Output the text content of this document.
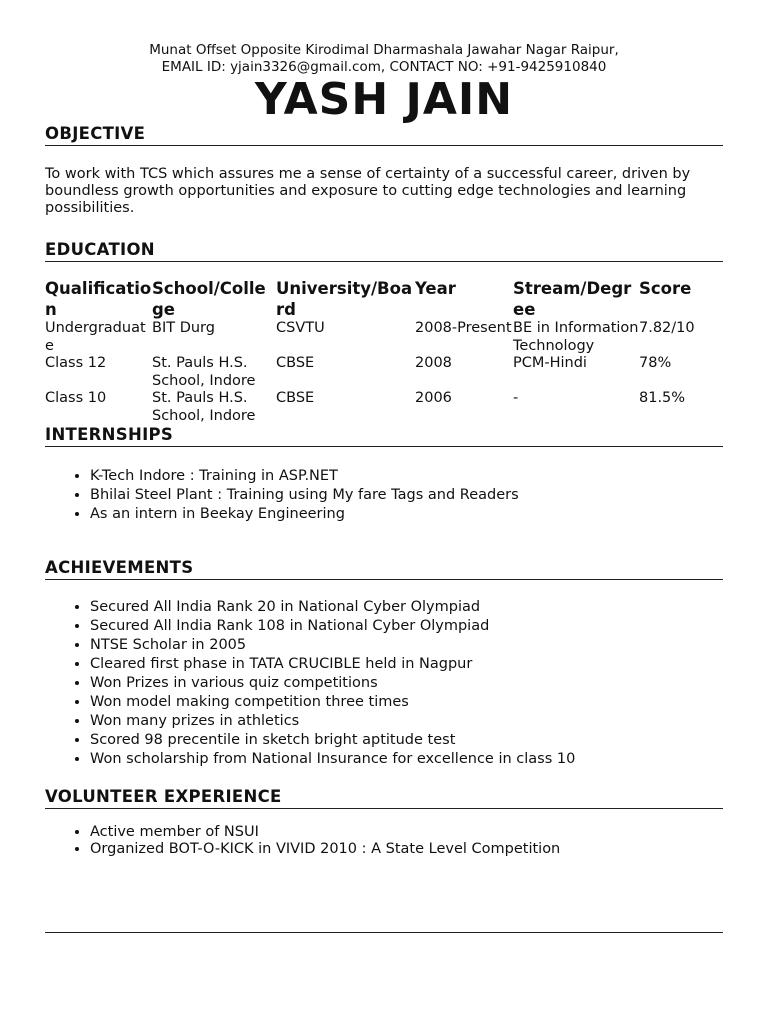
Munat Offset Opposite Kirodimal Dharmashala Jawahar Nagar Raipur,
EMAIL ID: yjain3326@gmail.com, CONTACT NO: +91-9425910840
YASH JAIN
OBJECTIVE
To work with TCS which assures me a sense of certainty of a successful career, driven by boundless growth opportunities and exposure to cutting edge technologies and learning possibilities.
EDUCATION
Qualification	School/College	University/Board	Year	Stream/Degree	Score
Undergraduate	BIT Durg	CSVTU	2008-Present	BE in Information Technology	7.82/10
Class 12	St. Pauls H.S. School, Indore	CBSE	2008	PCM-Hindi	78%
Class 10	St. Pauls H.S. School, Indore	CBSE	2006	-	81.5%
INTERNSHIPS
• K-Tech Indore : Training in ASP.NET
• Bhilai Steel Plant : Training using My fare Tags and Readers
• As an intern in Beekay Engineering
ACHIEVEMENTS
• Secured All India Rank 20 in National Cyber Olympiad
• Secured All India Rank 108 in National Cyber Olympiad
• NTSE Scholar in 2005
• Cleared first phase in TATA CRUCIBLE held in Nagpur
• Won Prizes in various quiz competitions
• Won model making competition three times
• Won many prizes in athletics
• Scored 98 precentile in sketch bright aptitude test
• Won scholarship from National Insurance for excellence in class 10
VOLUNTEER EXPERIENCE
• Active member of NSUI
• Organized BOT-O-KICK in VIVID 2010 : A State Level Competition
